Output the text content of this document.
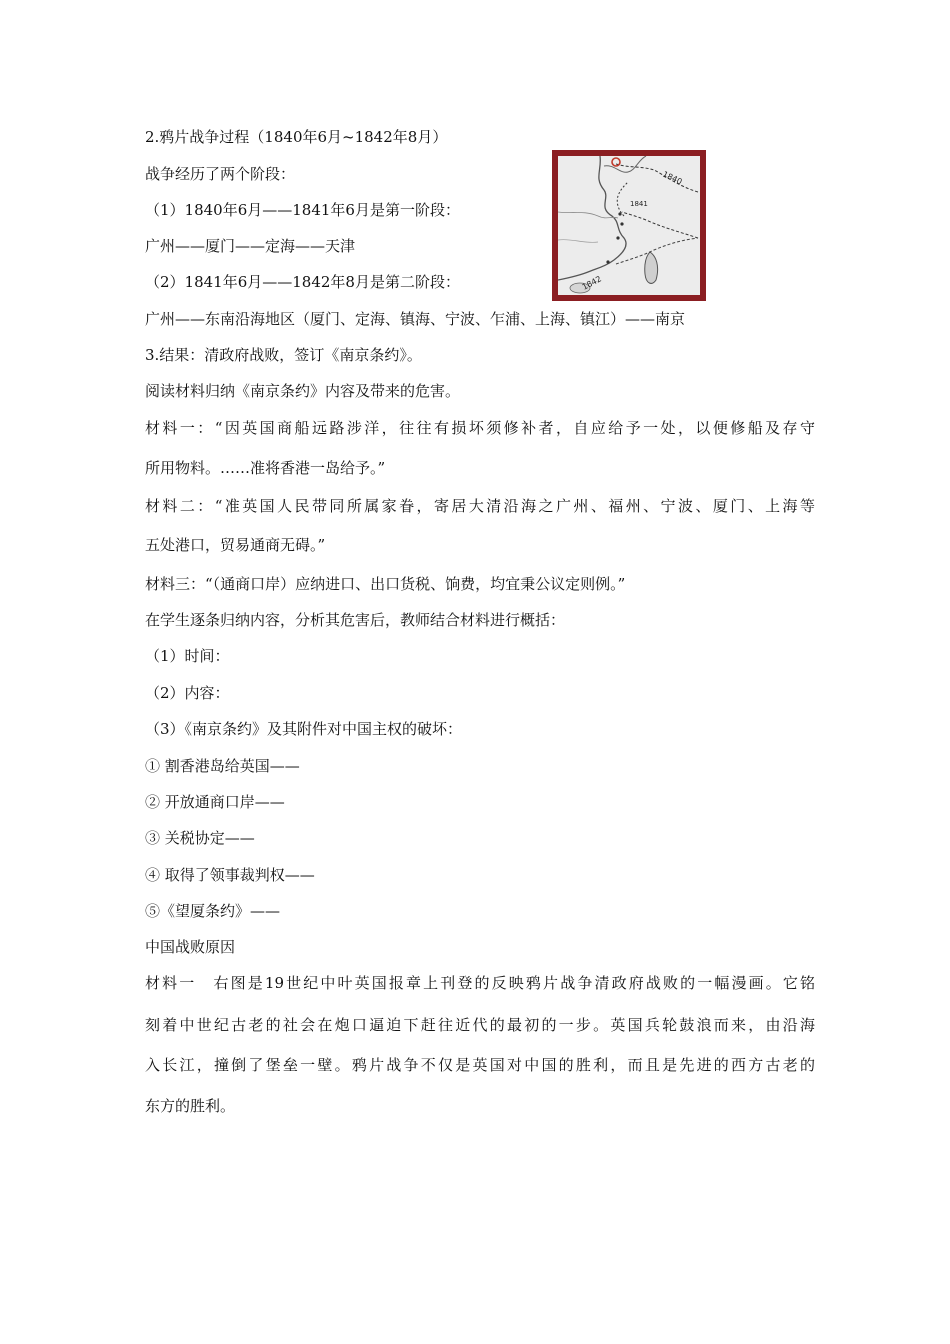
2.鸦片战争过程（1840年6月~1842年8月）
战争经历了两个阶段：
（1）1840年6月——1841年6月是第一阶段：
广州——厦门——定海——天津
（2）1841年6月——1842年8月是第二阶段：
广州——东南沿海地区（厦门、定海、镇海、宁波、乍浦、上海、镇江）——南京
3.结果：清政府战败，签订《南京条约》。
阅读材料归纳《南京条约》内容及带来的危害。
材料一：“因英国商船远路涉洋，往往有损坏须修补者，自应给予一处，以便修船及存守
所用物料。……准将香港一岛给予。”
材料二：“准英国人民带同所属家眷，寄居大清沿海之广州、福州、宁波、厦门、上海等
五处港口，贸易通商无碍。”
材料三：“（通商口岸）应纳进口、出口货税、饷费，均宜秉公议定则例。”
在学生逐条归纳内容，分析其危害后，教师结合材料进行概括：
（1）时间：
（2）内容：
（3）《南京条约》及其附件对中国主权的破坏：
① 割香港岛给英国——
② 开放通商口岸——
③ 关税协定——
④ 取得了领事裁判权——
⑤《望厦条约》——
中国战败原因
材料一　右图是19世纪中叶英国报章上刊登的反映鸦片战争清政府战败的一幅漫画。它铭
刻着中世纪古老的社会在炮口逼迫下赶往近代的最初的一步。英国兵轮鼓浪而来，由沿海
入长江，撞倒了堡垒一壁。鸦片战争不仅是英国对中国的胜利，而且是先进的西方古老的
东方的胜利。
1840
1841
1842
